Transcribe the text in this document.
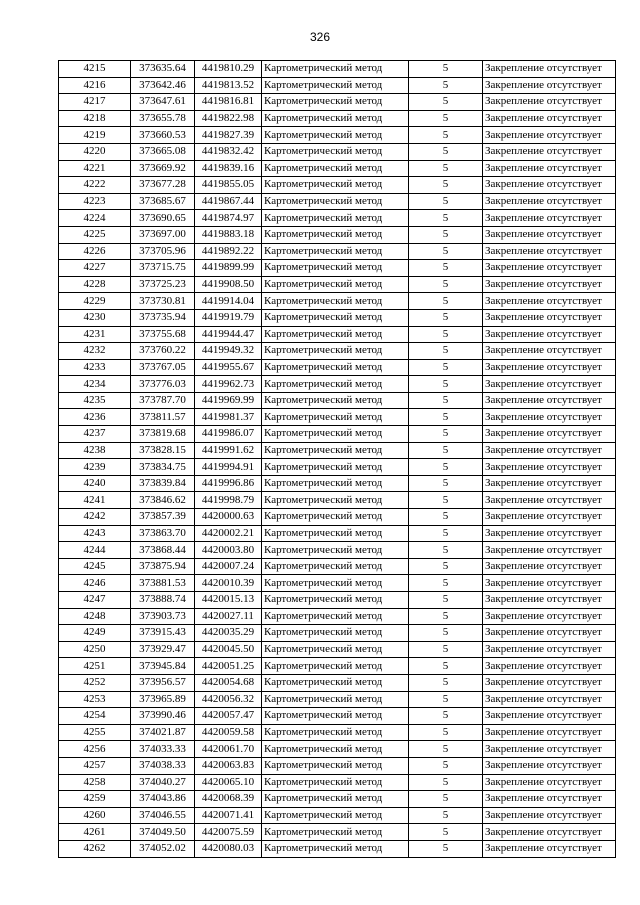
326
4215	373635.64	4419810.29	Картометрический метод	5	Закрепление отсутствует
4216	373642.46	4419813.52	Картометрический метод	5	Закрепление отсутствует
4217	373647.61	4419816.81	Картометрический метод	5	Закрепление отсутствует
4218	373655.78	4419822.98	Картометрический метод	5	Закрепление отсутствует
4219	373660.53	4419827.39	Картометрический метод	5	Закрепление отсутствует
4220	373665.08	4419832.42	Картометрический метод	5	Закрепление отсутствует
4221	373669.92	4419839.16	Картометрический метод	5	Закрепление отсутствует
4222	373677.28	4419855.05	Картометрический метод	5	Закрепление отсутствует
4223	373685.67	4419867.44	Картометрический метод	5	Закрепление отсутствует
4224	373690.65	4419874.97	Картометрический метод	5	Закрепление отсутствует
4225	373697.00	4419883.18	Картометрический метод	5	Закрепление отсутствует
4226	373705.96	4419892.22	Картометрический метод	5	Закрепление отсутствует
4227	373715.75	4419899.99	Картометрический метод	5	Закрепление отсутствует
4228	373725.23	4419908.50	Картометрический метод	5	Закрепление отсутствует
4229	373730.81	4419914.04	Картометрический метод	5	Закрепление отсутствует
4230	373735.94	4419919.79	Картометрический метод	5	Закрепление отсутствует
4231	373755.68	4419944.47	Картометрический метод	5	Закрепление отсутствует
4232	373760.22	4419949.32	Картометрический метод	5	Закрепление отсутствует
4233	373767.05	4419955.67	Картометрический метод	5	Закрепление отсутствует
4234	373776.03	4419962.73	Картометрический метод	5	Закрепление отсутствует
4235	373787.70	4419969.99	Картометрический метод	5	Закрепление отсутствует
4236	373811.57	4419981.37	Картометрический метод	5	Закрепление отсутствует
4237	373819.68	4419986.07	Картометрический метод	5	Закрепление отсутствует
4238	373828.15	4419991.62	Картометрический метод	5	Закрепление отсутствует
4239	373834.75	4419994.91	Картометрический метод	5	Закрепление отсутствует
4240	373839.84	4419996.86	Картометрический метод	5	Закрепление отсутствует
4241	373846.62	4419998.79	Картометрический метод	5	Закрепление отсутствует
4242	373857.39	4420000.63	Картометрический метод	5	Закрепление отсутствует
4243	373863.70	4420002.21	Картометрический метод	5	Закрепление отсутствует
4244	373868.44	4420003.80	Картометрический метод	5	Закрепление отсутствует
4245	373875.94	4420007.24	Картометрический метод	5	Закрепление отсутствует
4246	373881.53	4420010.39	Картометрический метод	5	Закрепление отсутствует
4247	373888.74	4420015.13	Картометрический метод	5	Закрепление отсутствует
4248	373903.73	4420027.11	Картометрический метод	5	Закрепление отсутствует
4249	373915.43	4420035.29	Картометрический метод	5	Закрепление отсутствует
4250	373929.47	4420045.50	Картометрический метод	5	Закрепление отсутствует
4251	373945.84	4420051.25	Картометрический метод	5	Закрепление отсутствует
4252	373956.57	4420054.68	Картометрический метод	5	Закрепление отсутствует
4253	373965.89	4420056.32	Картометрический метод	5	Закрепление отсутствует
4254	373990.46	4420057.47	Картометрический метод	5	Закрепление отсутствует
4255	374021.87	4420059.58	Картометрический метод	5	Закрепление отсутствует
4256	374033.33	4420061.70	Картометрический метод	5	Закрепление отсутствует
4257	374038.33	4420063.83	Картометрический метод	5	Закрепление отсутствует
4258	374040.27	4420065.10	Картометрический метод	5	Закрепление отсутствует
4259	374043.86	4420068.39	Картометрический метод	5	Закрепление отсутствует
4260	374046.55	4420071.41	Картометрический метод	5	Закрепление отсутствует
4261	374049.50	4420075.59	Картометрический метод	5	Закрепление отсутствует
4262	374052.02	4420080.03	Картометрический метод	5	Закрепление отсутствует
